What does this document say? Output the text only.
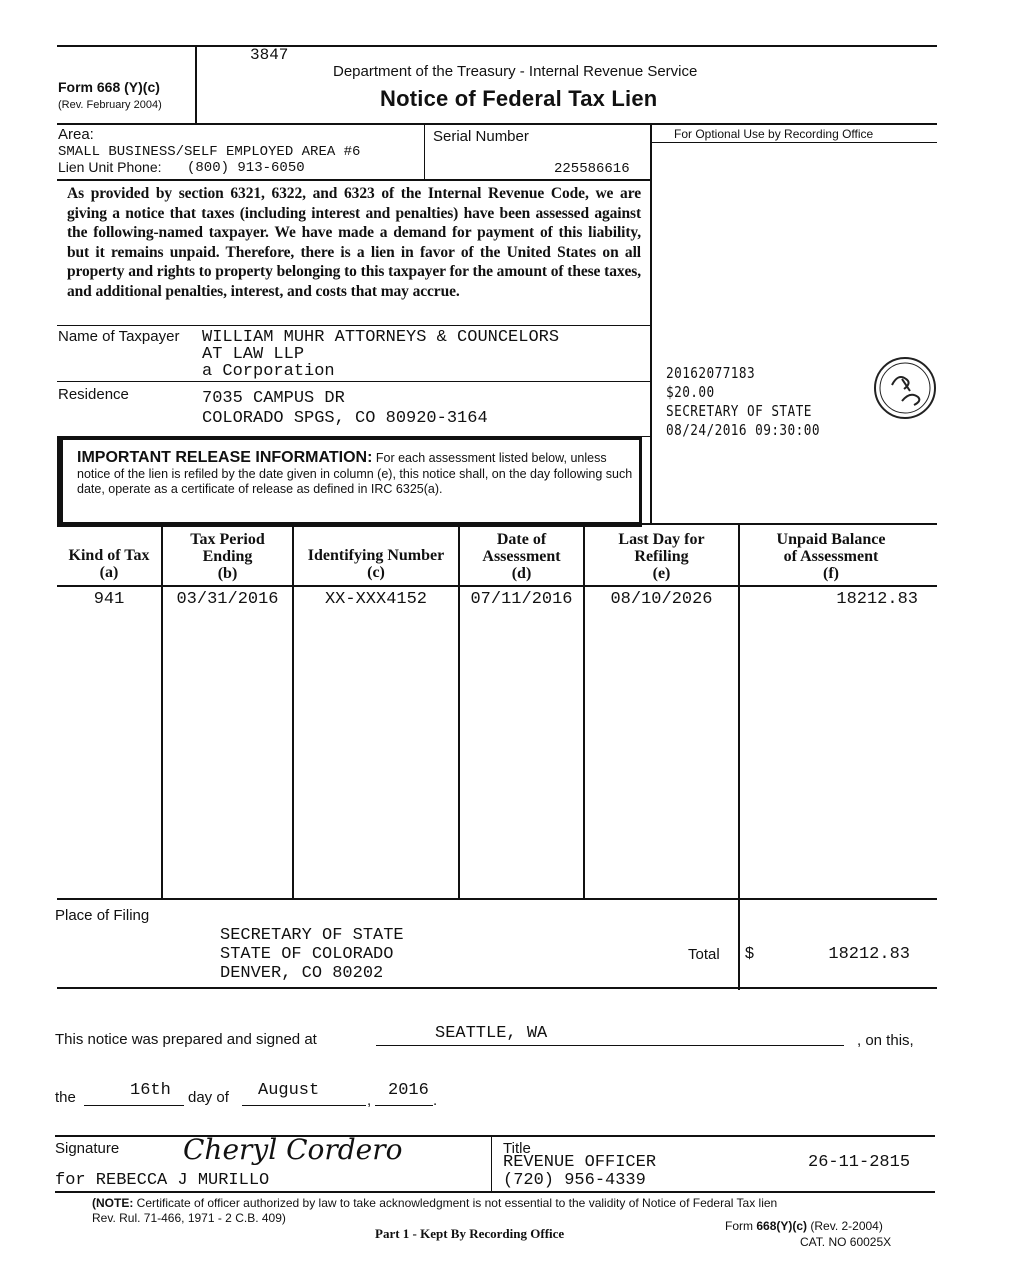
3847
Form 668 (Y)(c)
(Rev. February 2004)
Department of the Treasury - Internal Revenue Service
Notice of Federal Tax Lien
Area:
SMALL BUSINESS/SELF EMPLOYED AREA #6
Lien Unit Phone: (800) 913-6050
Serial Number
225586616
For Optional Use by Recording Office
As provided by section 6321, 6322, and 6323 of the Internal Revenue Code, we are giving a notice that taxes (including interest and penalties) have been assessed against the following-named taxpayer. We have made a demand for payment of this liability, but it remains unpaid. Therefore, there is a lien in favor of the United States on all property and rights to property belonging to this taxpayer for the amount of these taxes, and additional penalties, interest, and costs that may accrue.
Name of Taxpayer WILLIAM MUHR ATTORNEYS & COUNCELORS
AT LAW LLP
a Corporation
Residence	7035 CAMPUS DR
COLORADO SPGS, CO 80920-3164
20162077183
$20.00
SECRETARY OF STATE
08/24/2016 09:30:00
IMPORTANT RELEASE INFORMATION: For each assessment listed below, unless notice of the lien is refiled by the date given in column (e), this notice shall, on the day following such date, operate as a certificate of release as defined in IRC 6325(a).
Kind of Tax
(a)
Tax Period
Ending
(b)
Identifying Number
(c)
Date of
Assessment
(d)
Last Day for
Refiling
(e)
Unpaid Balance
of Assessment
(f)
941	03/31/2016	XX-XXX4152	07/11/2016	08/10/2026	18212.83
Place of Filing
SECRETARY OF STATE
STATE OF COLORADO
DENVER, CO 80202
Total $	18212.83
This notice was prepared and signed at	SEATTLE, WA	, on this,
the	16th day of August
,
2016
.
Signature Cheryl Cordero
for REBECCA J MURILLO
Title
REVENUE OFFICER	26-11-2815
(720) 956-4339
(NOTE: Certificate of officer authorized by law to take acknowledgment is not essential to the validity of Notice of Federal Tax lien
Rev. Rul. 71-466, 1971 - 2 C.B. 409)
Part 1 - Kept By Recording Office	Form 668(Y)(c) (Rev. 2-2004)
CAT. NO 60025X
